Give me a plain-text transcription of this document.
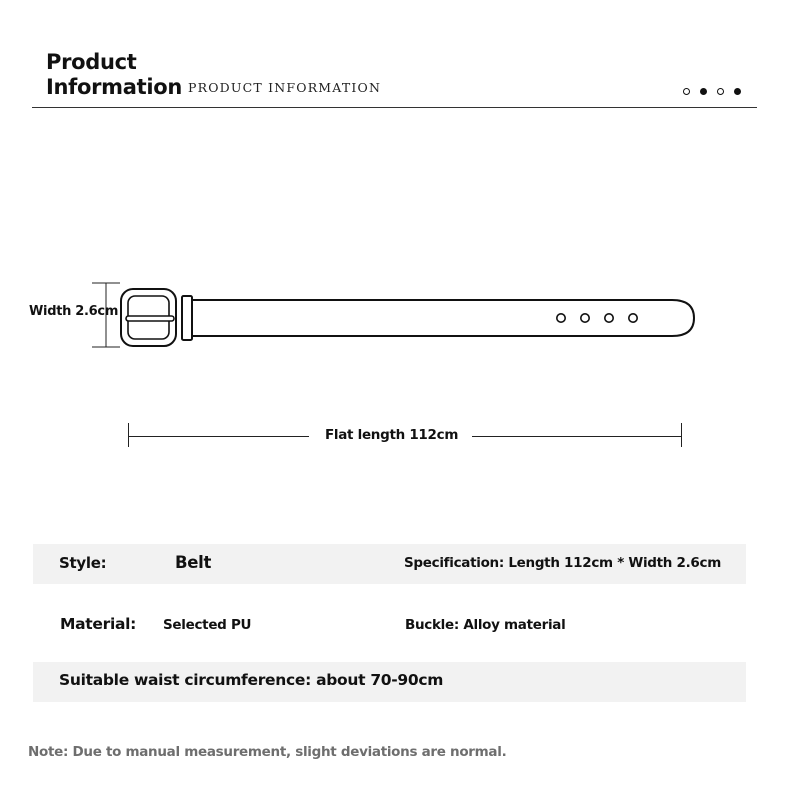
Product
Information PRODUCT INFORMATION
Width 2.6cm
Flat length 112cm
Style:	Belt	Specification: Length 112cm * Width 2.6cm
Material: Selected PU	Buckle: Alloy material
Suitable waist circumference: about 70-90cm
Note: Due to manual measurement, slight deviations are normal.
